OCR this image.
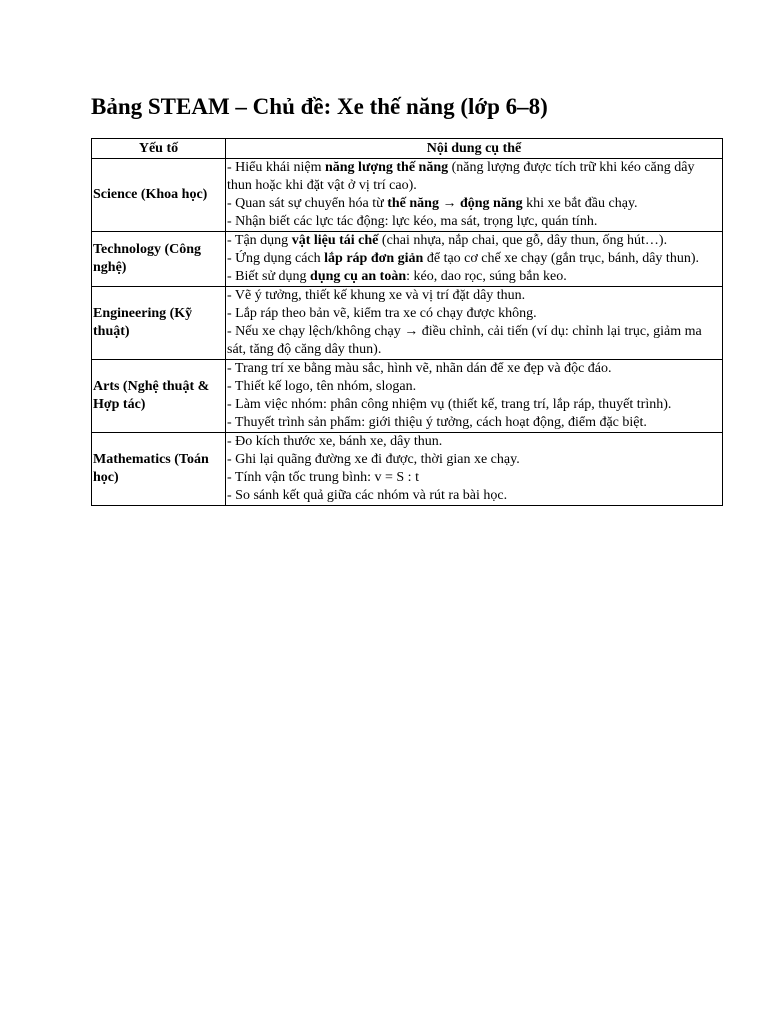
Bảng STEAM – Chủ đề: Xe thế năng (lớp 6–8)
Yếu tố	Nội dung cụ thể
Science (Khoa học)	- Hiểu khái niệm năng lượng thế năng (năng lượng được tích trữ khi kéo căng dây thun hoặc khi đặt vật ở vị trí cao).
- Quan sát sự chuyển hóa từ thế năng → động năng khi xe bắt đầu chạy.
- Nhận biết các lực tác động: lực kéo, ma sát, trọng lực, quán tính.

Technology (Công nghệ)	- Tận dụng vật liệu tái chế (chai nhựa, nắp chai, que gỗ, dây thun, ống hút…).
- Ứng dụng cách lắp ráp đơn giản để tạo cơ chế xe chạy (gắn trục, bánh, dây thun).
- Biết sử dụng dụng cụ an toàn: kéo, dao rọc, súng bắn keo.

Engineering (Kỹ thuật)	- Vẽ ý tưởng, thiết kế khung xe và vị trí đặt dây thun.
- Lắp ráp theo bản vẽ, kiểm tra xe có chạy được không.
- Nếu xe chạy lệch/không chạy → điều chỉnh, cải tiến (ví dụ: chỉnh lại trục, giảm ma sát, tăng độ căng dây thun).

Arts (Nghệ thuật & Hợp tác)	- Trang trí xe bằng màu sắc, hình vẽ, nhãn dán để xe đẹp và độc đáo.
- Thiết kế logo, tên nhóm, slogan.
- Làm việc nhóm: phân công nhiệm vụ (thiết kế, trang trí, lắp ráp, thuyết trình).
- Thuyết trình sản phẩm: giới thiệu ý tưởng, cách hoạt động, điểm đặc biệt.

Mathematics (Toán học)	- Đo kích thước xe, bánh xe, dây thun.
- Ghi lại quãng đường xe đi được, thời gian xe chạy.
- Tính vận tốc trung bình: v = S : t
- So sánh kết quả giữa các nhóm và rút ra bài học.
